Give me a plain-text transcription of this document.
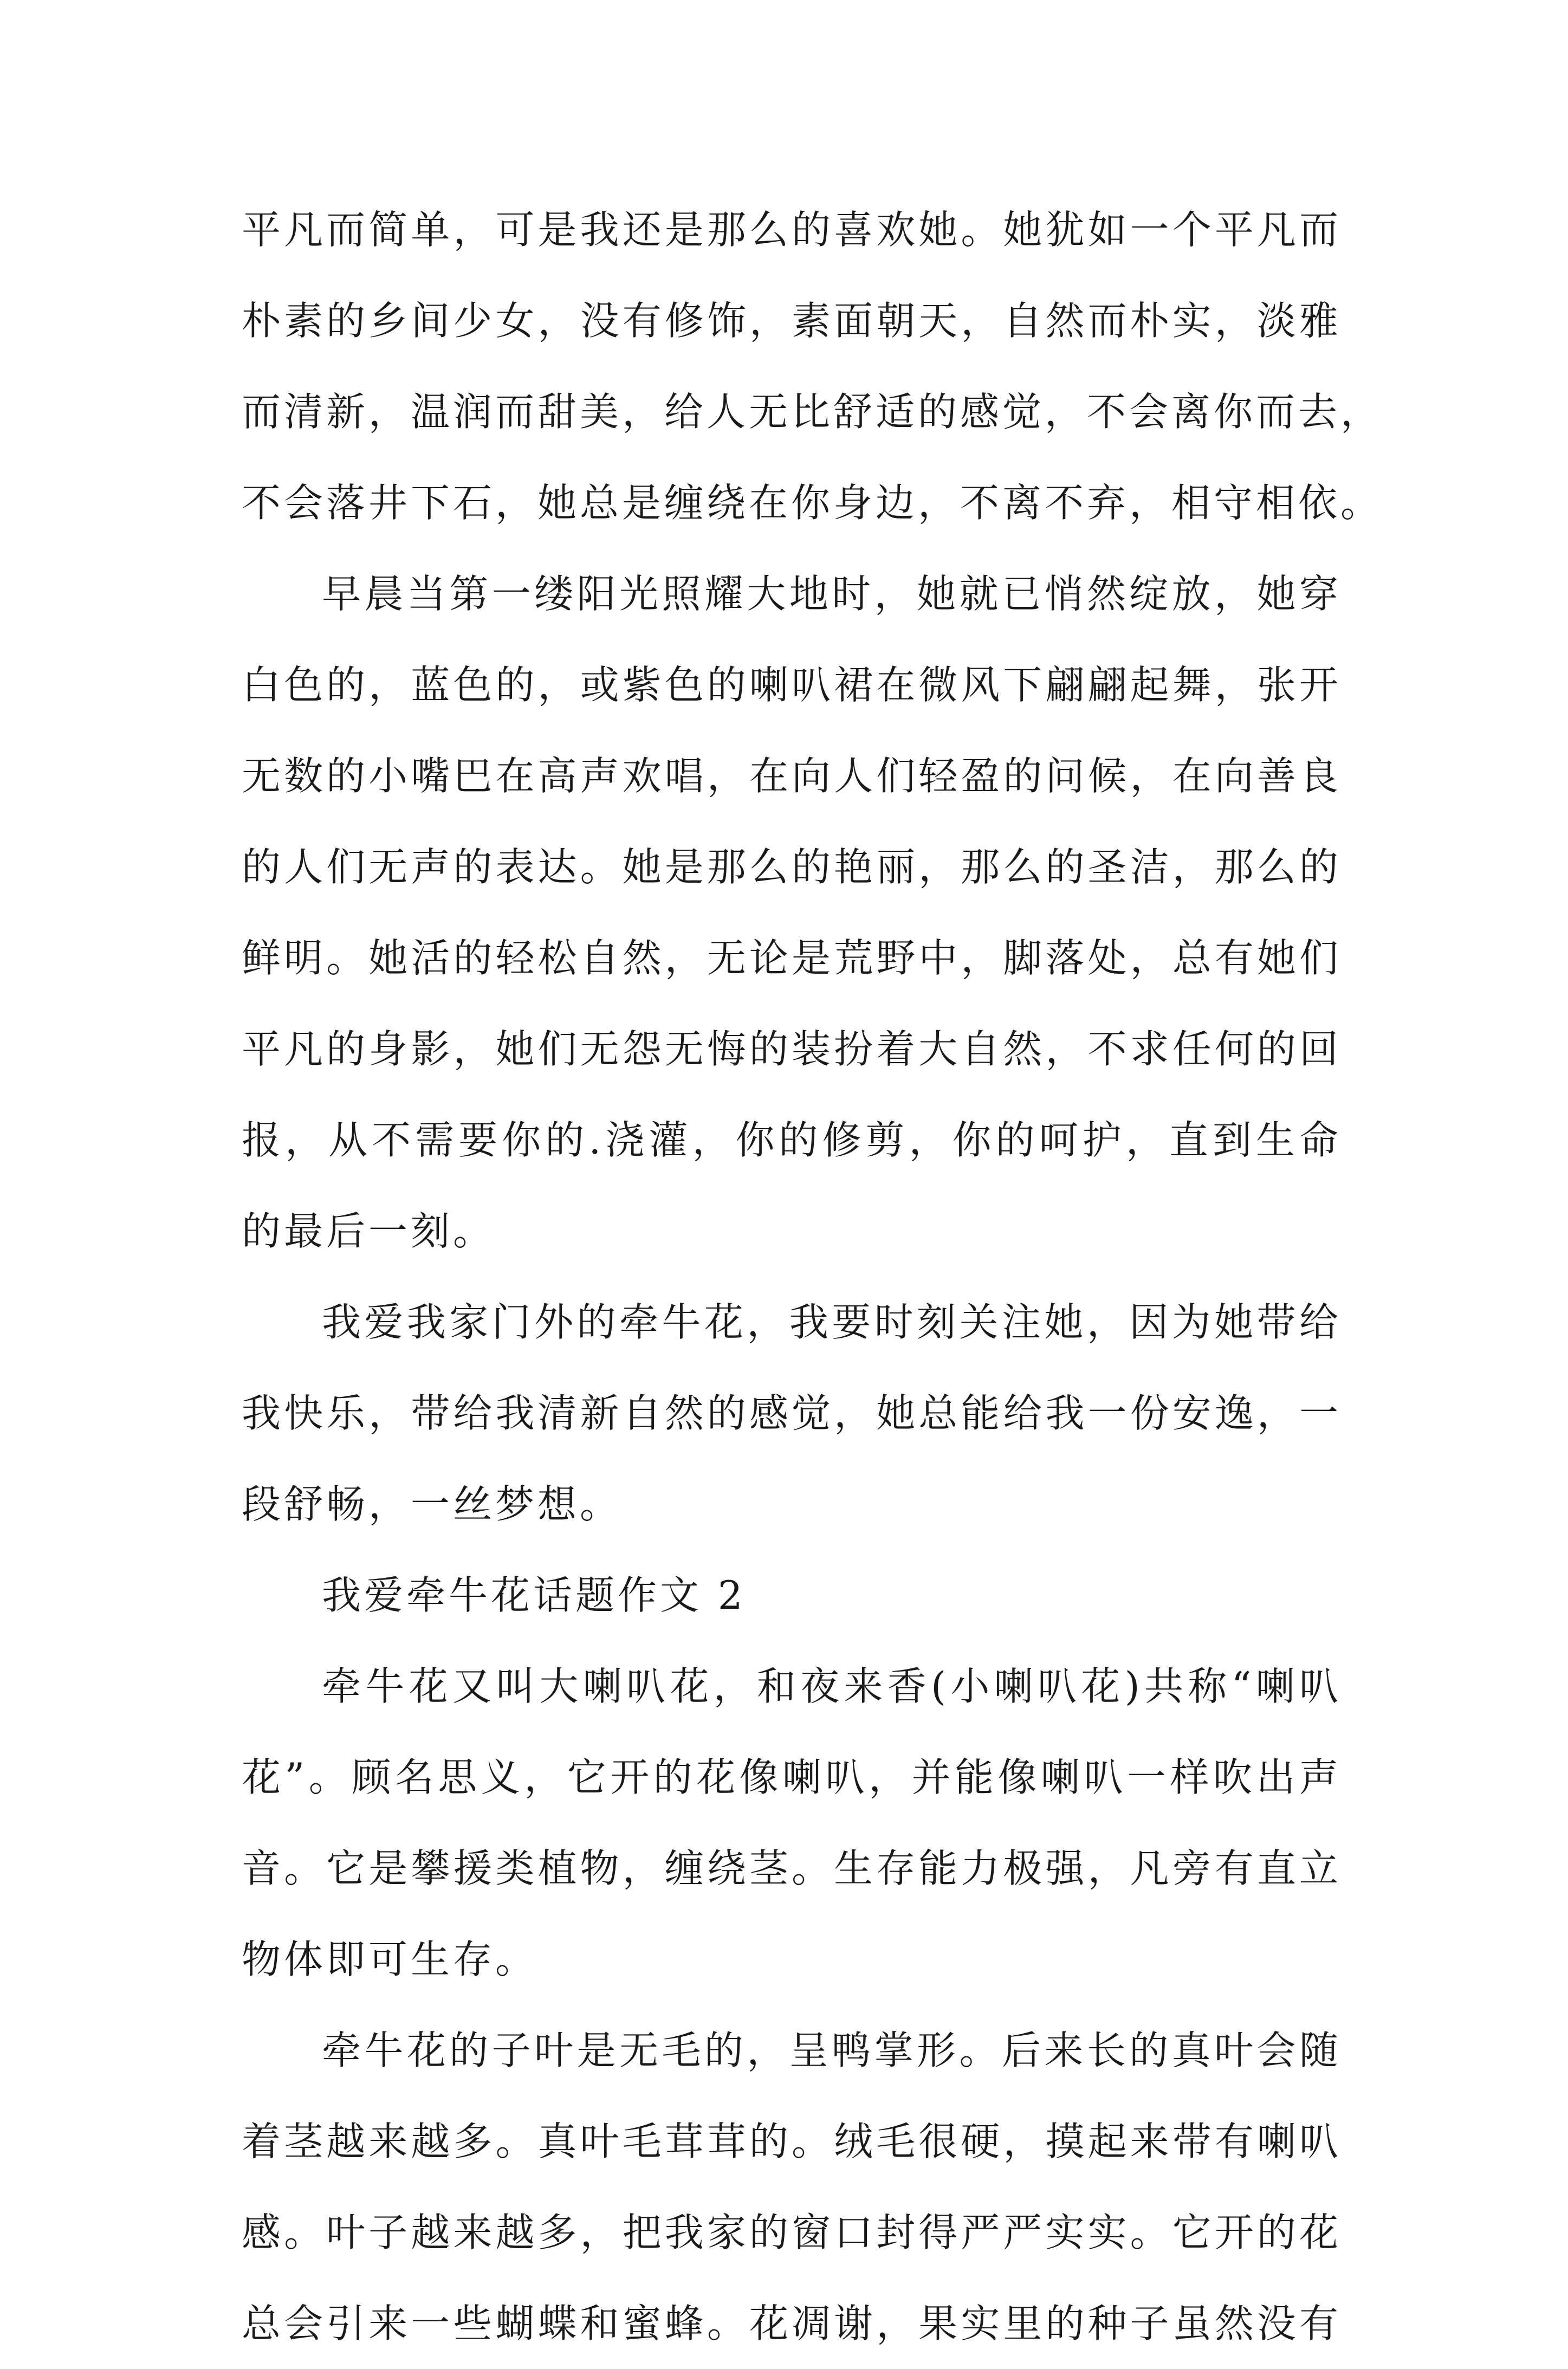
平凡而简单，可是我还是那么的喜欢她。她犹如一个平凡而
朴素的乡间少女，没有修饰，素面朝天，自然而朴实，淡雅
而清新，温润而甜美，给人无比舒适的感觉，不会离你而去，
不会落井下石，她总是缠绕在你身边，不离不弃，相守相依。
早晨当第一缕阳光照耀大地时，她就已悄然绽放，她穿
白色的，蓝色的，或紫色的喇叭裙在微风下翩翩起舞，张开
无数的小嘴巴在高声欢唱，在向人们轻盈的问候，在向善良
的人们无声的表达。她是那么的艳丽，那么的圣洁，那么的
鲜明。她活的轻松自然，无论是荒野中，脚落处，总有她们
平凡的身影，她们无怨无悔的装扮着大自然，不求任何的回
报，从不需要你的.浇灌，你的修剪，你的呵护，直到生命
的最后一刻。
我爱我家门外的牵牛花，我要时刻关注她，因为她带给
我快乐，带给我清新自然的感觉，她总能给我一份安逸，一
段舒畅，一丝梦想。
我爱牵牛花话题作文 2
牵牛花又叫大喇叭花，和夜来香(小喇叭花)共称“喇叭
花”。顾名思义，它开的花像喇叭，并能像喇叭一样吹出声
音。它是攀援类植物，缠绕茎。生存能力极强，凡旁有直立
物体即可生存。
牵牛花的子叶是无毛的，呈鸭掌形。后来长的真叶会随
着茎越来越多。真叶毛茸茸的。绒毛很硬，摸起来带有喇叭
感。叶子越来越多，把我家的窗口封得严严实实。它开的花
总会引来一些蝴蝶和蜜蜂。花凋谢，果实里的种子虽然没有
